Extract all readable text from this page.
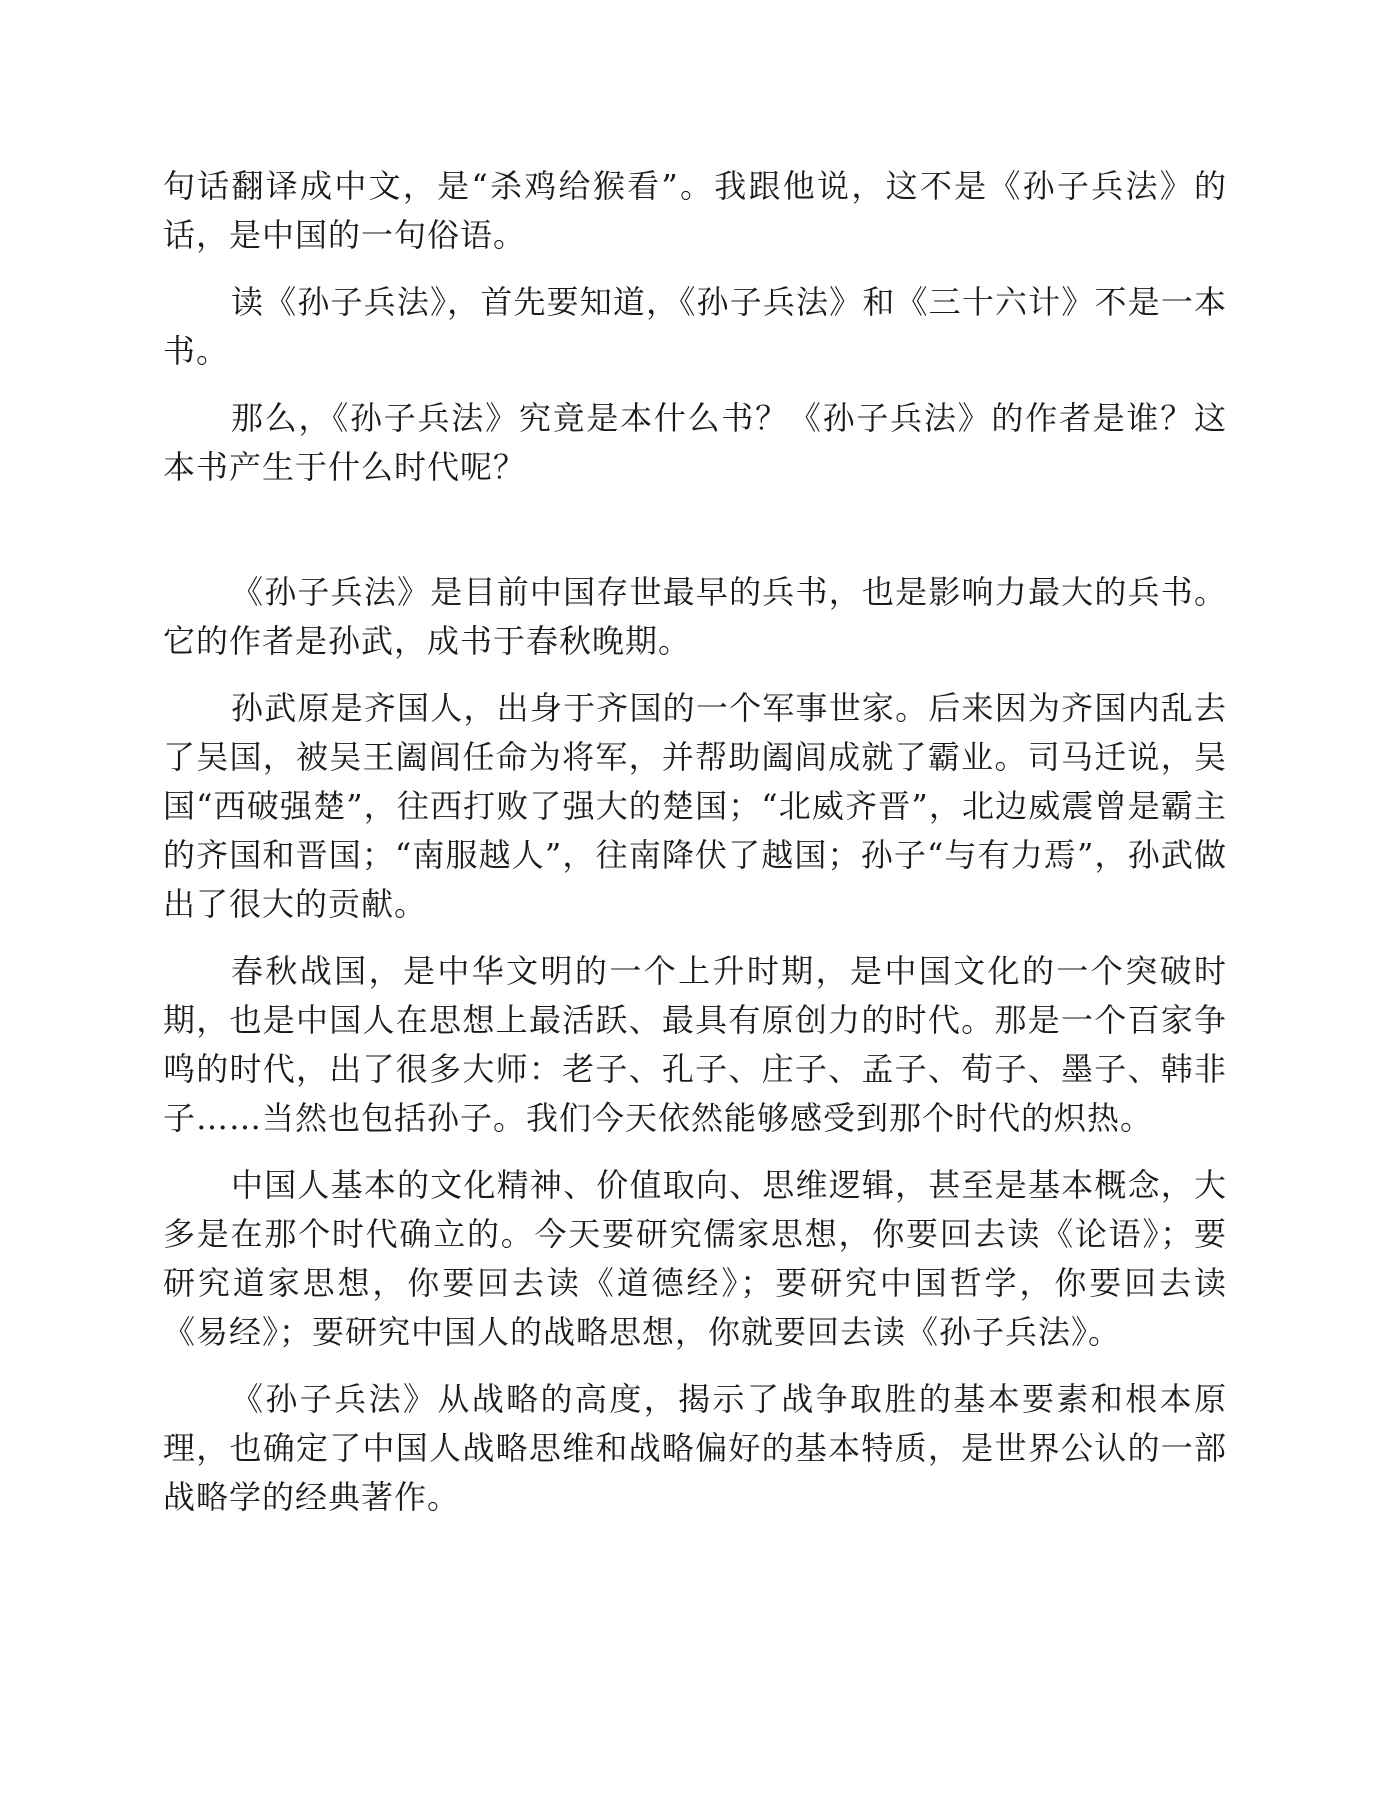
句话翻译成中文，是“杀鸡给猴看”。我跟他说，这不是《孙子兵法》的话，是中国的一句俗语。

读《孙子兵法》，首先要知道，《孙子兵法》和《三十六计》不是一本书。

那么，《孙子兵法》究竟是本什么书？《孙子兵法》的作者是谁？这本书产生于什么时代呢？

《孙子兵法》是目前中国存世最早的兵书，也是影响力最大的兵书。它的作者是孙武，成书于春秋晚期。

孙武原是齐国人，出身于齐国的一个军事世家。后来因为齐国内乱去了吴国，被吴王阖闾任命为将军，并帮助阖闾成就了霸业。司马迁说，吴国“西破强楚”，往西打败了强大的楚国；“北威齐晋”，北边威震曾是霸主的齐国和晋国；“南服越人”，往南降伏了越国；孙子“与有力焉”，孙武做出了很大的贡献。

春秋战国，是中华文明的一个上升时期，是中国文化的一个突破时期，也是中国人在思想上最活跃、最具有原创力的时代。那是一个百家争鸣的时代，出了很多大师：老子、孔子、庄子、孟子、荀子、墨子、韩非子……当然也包括孙子。我们今天依然能够感受到那个时代的炽热。

中国人基本的文化精神、价值取向、思维逻辑，甚至是基本概念，大多是在那个时代确立的。今天要研究儒家思想，你要回去读《论语》；要研究道家思想，你要回去读《道德经》；要研究中国哲学，你要回去读《易经》；要研究中国人的战略思想，你就要回去读《孙子兵法》。

《孙子兵法》从战略的高度，揭示了战争取胜的基本要素和根本原理，也确定了中国人战略思维和战略偏好的基本特质，是世界公认的一部战略学的经典著作。
